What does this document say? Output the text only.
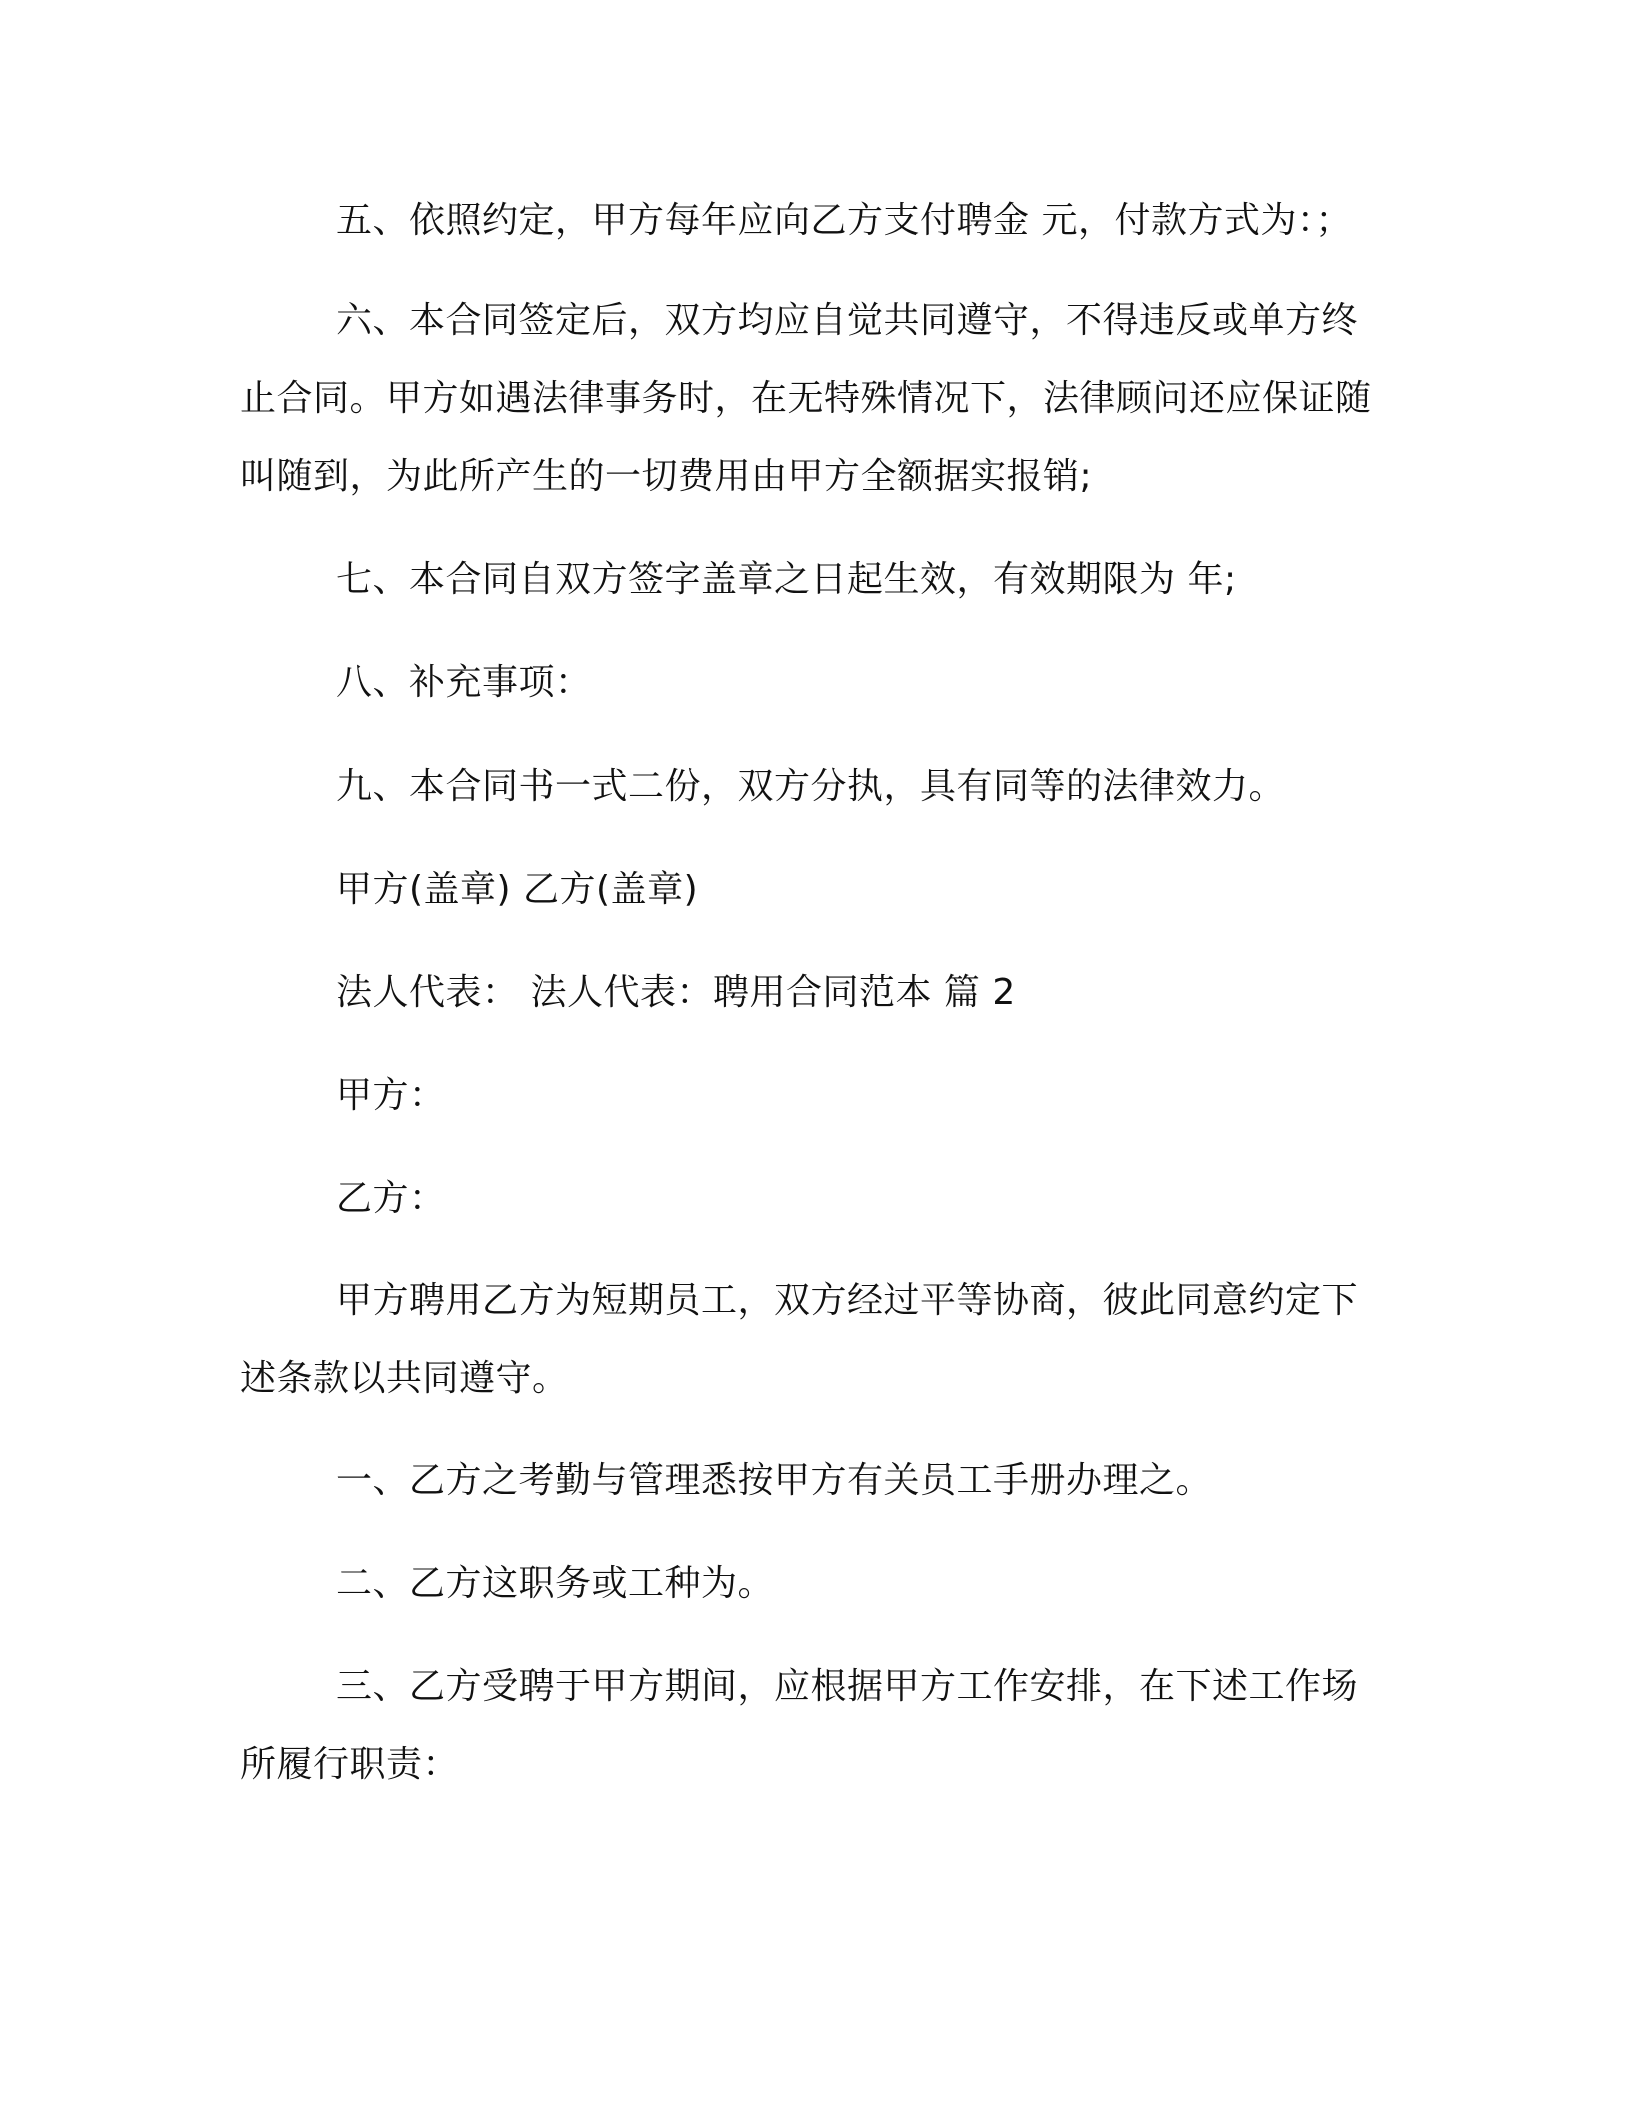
五、依照约定，甲方每年应向乙方支付聘金 元，付款方式为：；

六、本合同签定后，双方均应自觉共同遵守，不得违反或单方终止合同。甲方如遇法律事务时，在无特殊情况下，法律顾问还应保证随叫随到，为此所产生的一切费用由甲方全额据实报销;

七、本合同自双方签字盖章之日起生效，有效期限为 年;

八、补充事项：

九、本合同书一式二份，双方分执，具有同等的法律效力。

甲方(盖章) 乙方(盖章)

法人代表： 法人代表：聘用合同范本 篇 2

甲方：

乙方：

甲方聘用乙方为短期员工，双方经过平等协商，彼此同意约定下述条款以共同遵守。

一、乙方之考勤与管理悉按甲方有关员工手册办理之。

二、乙方这职务或工种为。

三、乙方受聘于甲方期间，应根据甲方工作安排，在下述工作场所履行职责：
